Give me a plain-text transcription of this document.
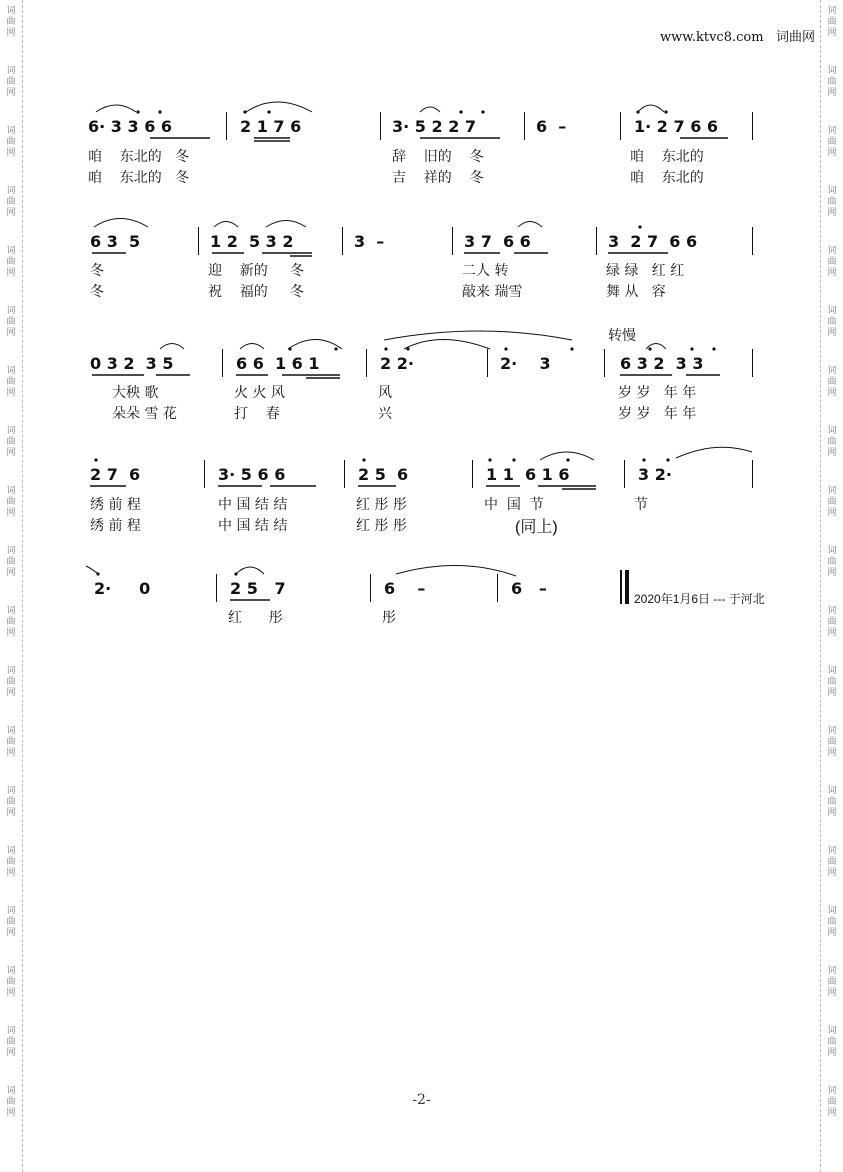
www.ktvc8.com 词曲网
6· 3 3 6 6	2 1 7 6	3· 5 2 2 7	6  –	1· 2 7 6 6
咱    东北的   冬	辞    旧的    冬	咱    东北的
咱    东北的   冬	吉    祥的    冬	咱    东北的
6 3  5	1 2  5 3 2	3  –	3 7  6 6	3  2 7  6 6
冬	迎    新的     冬	二人 转	绿 绿   红 红
冬	祝    福的     冬	敲来 瑞雪	舞 从   容
转慢
0 3 2  3 5	6 6  1 6 1	2 2·	2·    3	6 3 2  3 3
大秧 歌	火 火 风	风	岁 岁   年 年
朵朵 雪 花	打    春	兴	岁 岁   年 年
2 7  6	3· 5 6 6	2 5  6	1 1  6 1 6	3 2·
绣 前 程	中 国 结 结	红 彤 彤	中  国  节	节
绣 前 程	中 国 结 结	红 彤 彤	(同上)
2·     0	2 5   7	6    –	6   –
2020年1月6日 --- 于河北
红      彤	彤
-2-
词
曲
网
词
曲
网
词
曲
网
词
曲
网
词
曲
网
词
曲
网
词
曲
网
词
曲
网
词
曲
网
词
曲
网
词
曲
网
词
曲
网
词
曲
网
词
曲
网
词
曲
网
词
曲
网
词
曲
网
词
曲
网
词
曲
网
词
曲
网
词
曲
网
词
曲
网
词
曲
网
词
曲
网
词
曲
网
词
曲
网
词
曲
网
词
曲
网
词
曲
网
词
曲
网
词
曲
网
词
曲
网
词
曲
网
词
曲
网
词
曲
网
词
曲
网
词
曲
网
词
曲
网
